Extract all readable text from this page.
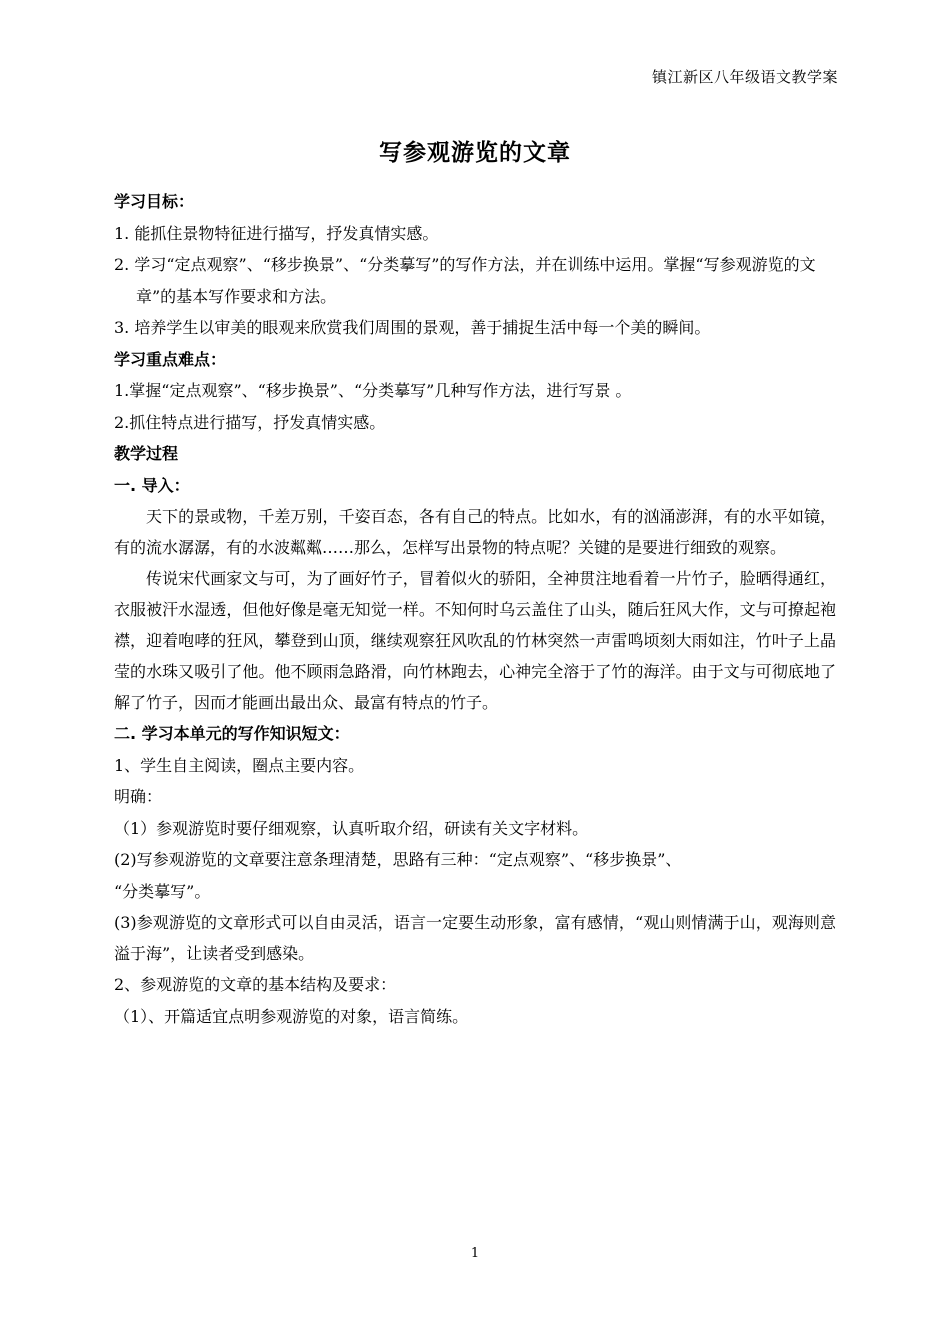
镇江新区八年级语文教学案
写参观游览的文章
学习目标：
1. 能抓住景物特征进行描写，抒发真情实感。

2. 学习“定点观察”、“移步换景”、“分类摹写”的写作方法，并在训练中运用。掌握“写参观游览的文章”的基本写作要求和方法。

3. 培养学生以审美的眼观来欣赏我们周围的景观，善于捕捉生活中每一个美的瞬间。
学习重点难点：
1.掌握“定点观察”、“移步换景”、“分类摹写”几种写作方法，进行写景 。
2.抓住特点进行描写，抒发真情实感。
教学过程
一. 导入：

天下的景或物，千差万别，千姿百态，各有自己的特点。比如水，有的汹涌澎湃，有的水平如镜，有的流水潺潺，有的水波粼粼……那么，怎样写出景物的特点呢？关键的是要进行细致的观察。

传说宋代画家文与可，为了画好竹子，冒着似火的骄阳，全神贯注地看着一片竹子，脸晒得通红，衣服被汗水湿透，但他好像是毫无知觉一样。不知何时乌云盖住了山头，随后狂风大作，文与可撩起袍襟，迎着咆哮的狂风，攀登到山顶，继续观察狂风吹乱的竹林突然一声雷鸣顷刻大雨如注，竹叶子上晶莹的水珠又吸引了他。他不顾雨急路滑，向竹林跑去，心神完全溶于了竹的海洋。由于文与可彻底地了解了竹子，因而才能画出最出众、最富有特点的竹子。

二. 学习本单元的写作知识短文：
1、学生自主阅读，圈点主要内容。
明确：
（1）参观游览时要仔细观察，认真听取介绍，研读有关文字材料。
(2)写参观游览的文章要注意条理清楚，思路有三种：“定点观察”、“移步换景”、
“分类摹写”。

(3)参观游览的文章形式可以自由灵活，语言一定要生动形象，富有感情，“观山则情满于山，观海则意溢于海”，让读者受到感染。

2、参观游览的文章的基本结构及要求：
（1）、开篇适宜点明参观游览的对象，语言简练。
1
